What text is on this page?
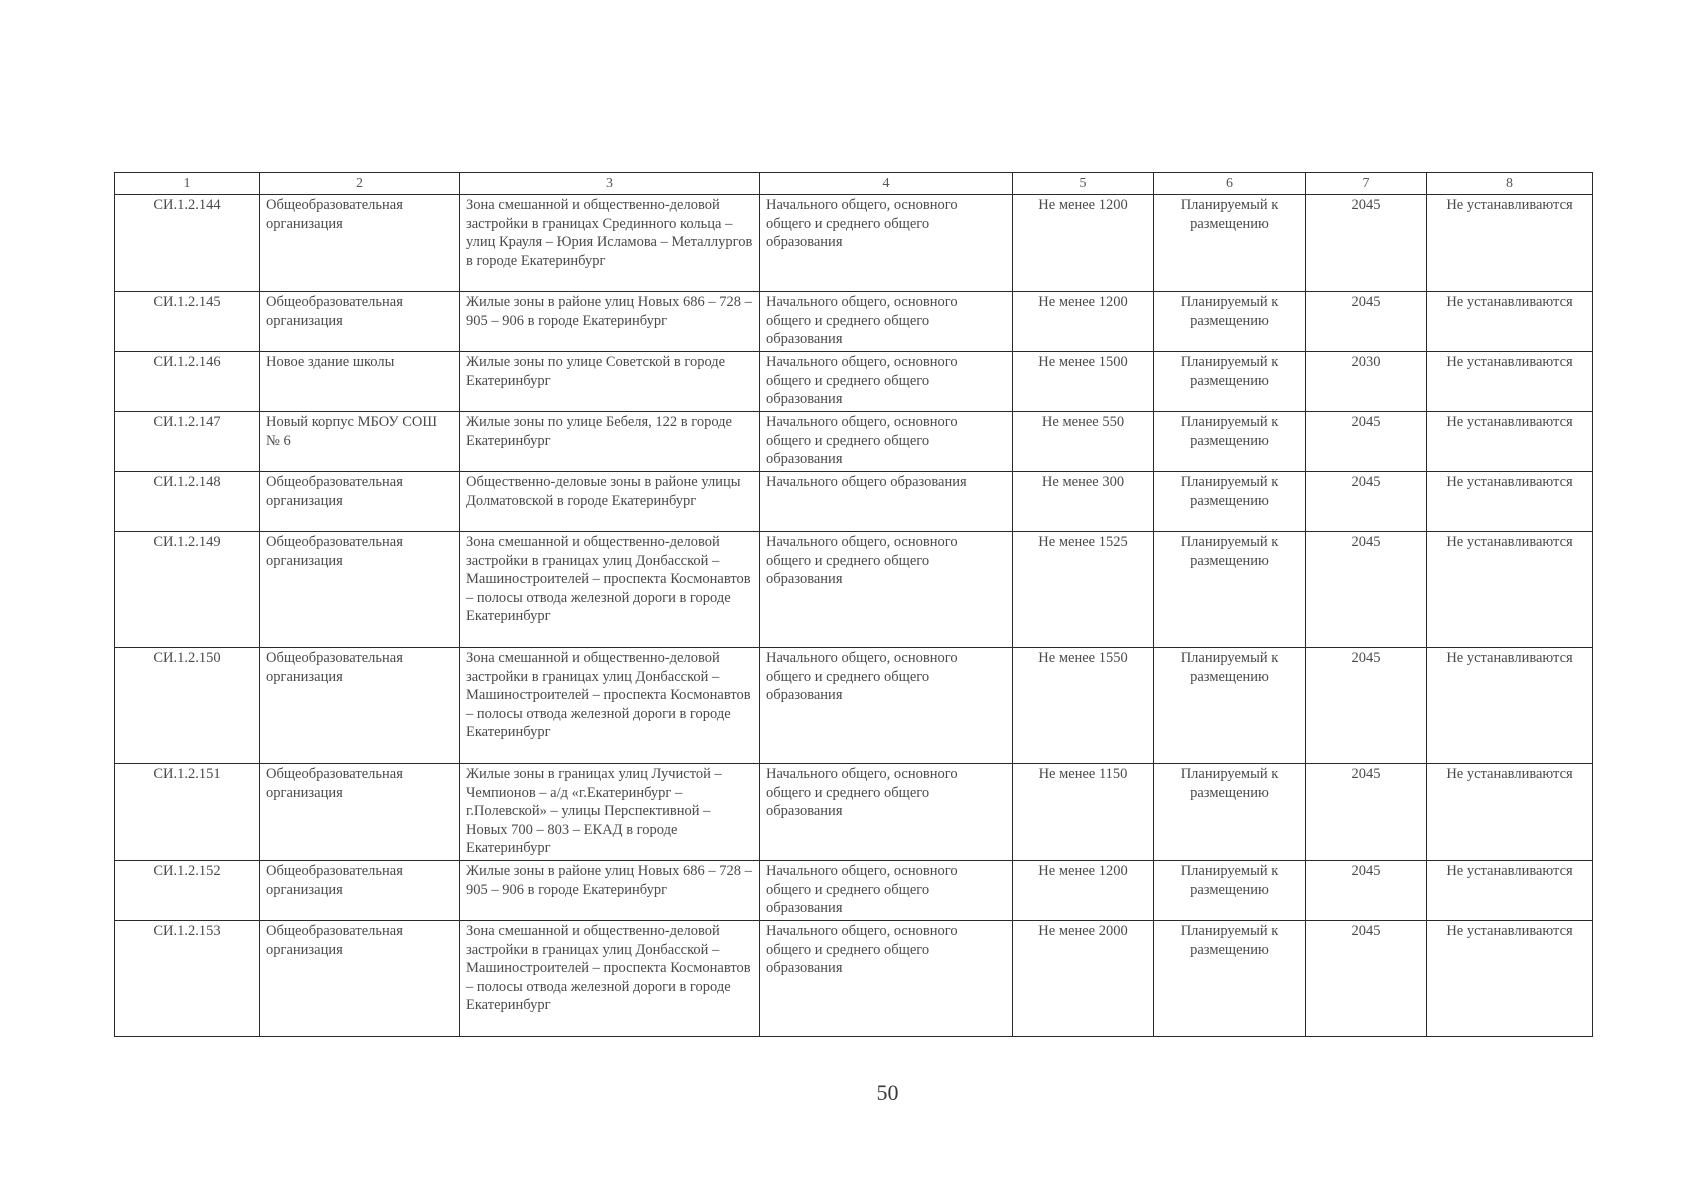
1	2	3	4	5	6	7	8
СИ.1.2.144	Общеобразовательная организация	Зона смешанной и общественно-деловой застройки в границах Срединного кольца – улиц Крауля – Юрия Исламова – Металлургов в городе Екатеринбург	Начального общего, основного общего и среднего общего образования	Не менее 1200	Планируемый к размещению	2045	Не устанавливаются
СИ.1.2.145	Общеобразовательная организация	Жилые зоны в районе улиц Новых 686 – 728 – 905 – 906 в городе Екатеринбург	Начального общего, основного общего и среднего общего образования	Не менее 1200	Планируемый к размещению	2045	Не устанавливаются
СИ.1.2.146	Новое здание школы	Жилые зоны по улице Советской в городе Екатеринбург	Начального общего, основного общего и среднего общего образования	Не менее 1500	Планируемый к размещению	2030	Не устанавливаются
СИ.1.2.147	Новый корпус МБОУ СОШ № 6	Жилые зоны по улице Бебеля, 122 в городе Екатеринбург	Начального общего, основного общего и среднего общего образования	Не менее 550	Планируемый к размещению	2045	Не устанавливаются
СИ.1.2.148	Общеобразовательная организация	Общественно-деловые зоны в районе улицы Долматовской в городе Екатеринбург	Начального общего образования	Не менее 300	Планируемый к размещению	2045	Не устанавливаются
СИ.1.2.149	Общеобразовательная организация	Зона смешанной и общественно-деловой застройки в границах улиц Донбасской – Машиностроителей – проспекта Космонавтов – полосы отвода железной дороги в городе Екатеринбург	Начального общего, основного общего и среднего общего образования	Не менее 1525	Планируемый к размещению	2045	Не устанавливаются
СИ.1.2.150	Общеобразовательная организация	Зона смешанной и общественно-деловой застройки в границах улиц Донбасской – Машиностроителей – проспекта Космонавтов – полосы отвода железной дороги в городе Екатеринбург	Начального общего, основного общего и среднего общего образования	Не менее 1550	Планируемый к размещению	2045	Не устанавливаются
СИ.1.2.151	Общеобразовательная организация	Жилые зоны в границах улиц Лучистой – Чемпионов – а/д «г.Екатеринбург – г.Полевской» – улицы Перспективной – Новых 700 – 803 – ЕКАД в городе Екатеринбург	Начального общего, основного общего и среднего общего образования	Не менее 1150	Планируемый к размещению	2045	Не устанавливаются
СИ.1.2.152	Общеобразовательная организация	Жилые зоны в районе улиц Новых 686 – 728 – 905 – 906 в городе Екатеринбург	Начального общего, основного общего и среднего общего образования	Не менее 1200	Планируемый к размещению	2045	Не устанавливаются
СИ.1.2.153	Общеобразовательная организация	Зона смешанной и общественно-деловой застройки в границах улиц Донбасской – Машиностроителей – проспекта Космонавтов – полосы отвода железной дороги в городе Екатеринбург	Начального общего, основного общего и среднего общего образования	Не менее 2000	Планируемый к размещению	2045	Не устанавливаются
50
